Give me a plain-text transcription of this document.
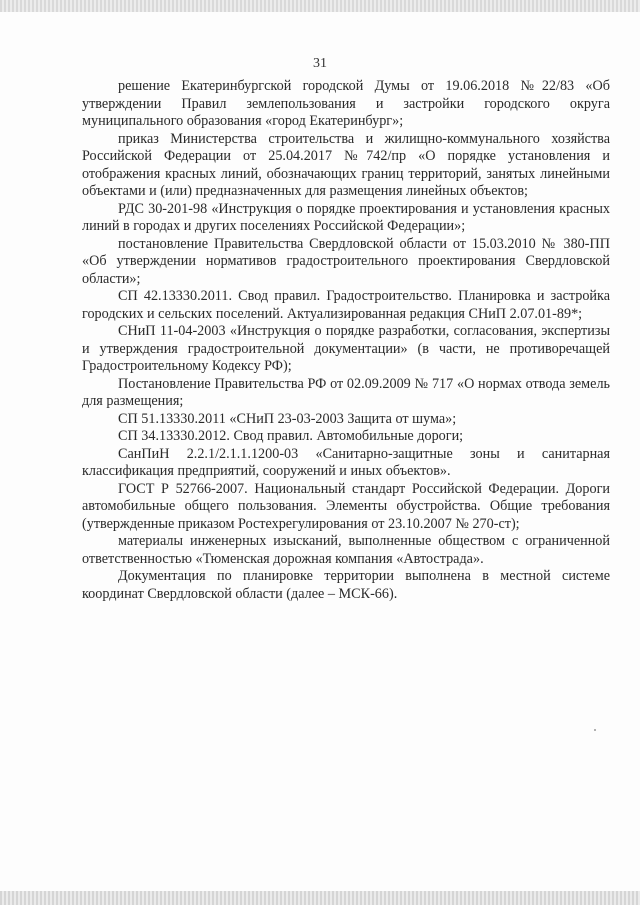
31

решение Екатеринбургской городской Думы от 19.06.2018 №22/83 «Об утверждении Правил землепользования и застройки городского округа муниципального образования «город Екатеринбург»;

приказ Министерства строительства и жилищно-коммунального хозяйства Российской Федерации от 25.04.2017 №742/пр «О порядке установления и отображения красных линий, обозначающих границ территорий, занятых линейными объектами и (или) предназначенных для размещения линейных объектов;

РДС 30-201-98 «Инструкция о порядке проектирования и установления красных линий в городах и других поселениях Российской Федерации»;

постановление Правительства Свердловской области от 15.03.2010 № 380-ПП «Об утверждении нормативов градостроительного проектирования Свердловской области»;

СП 42.13330.2011. Свод правил. Градостроительство. Планировка и застройка городских и сельских поселений. Актуализированная редакция СНиП 2.07.01-89*;

СНиП 11-04-2003 «Инструкция о порядке разработки, согласования, экспертизы и утверждения градостроительной документации» (в части, не противоречащей Градостроительному Кодексу РФ);

Постановление Правительства РФ от 02.09.2009 № 717 «О нормах отвода земель для размещения;

СП 51.13330.2011 «СНиП 23-03-2003 Защита от шума»;

СП 34.13330.2012. Свод правил. Автомобильные дороги;

СанПиН 2.2.1/2.1.1.1200-03 «Санитарно-защитные зоны и санитарная классификация предприятий, сооружений и иных объектов».

ГОСТ Р 52766-2007. Национальный стандарт Российской Федерации. Дороги автомобильные общего пользования. Элементы обустройства. Общие требования (утвержденные приказом Ростехрегулирования от 23.10.2007 № 270-ст);

материалы инженерных изысканий, выполненные обществом с ограниченной ответственностью «Тюменская дорожная компания «Автострада».

Документация по планировке территории выполнена в местной системе координат Свердловской области (далее – МСК-66).
